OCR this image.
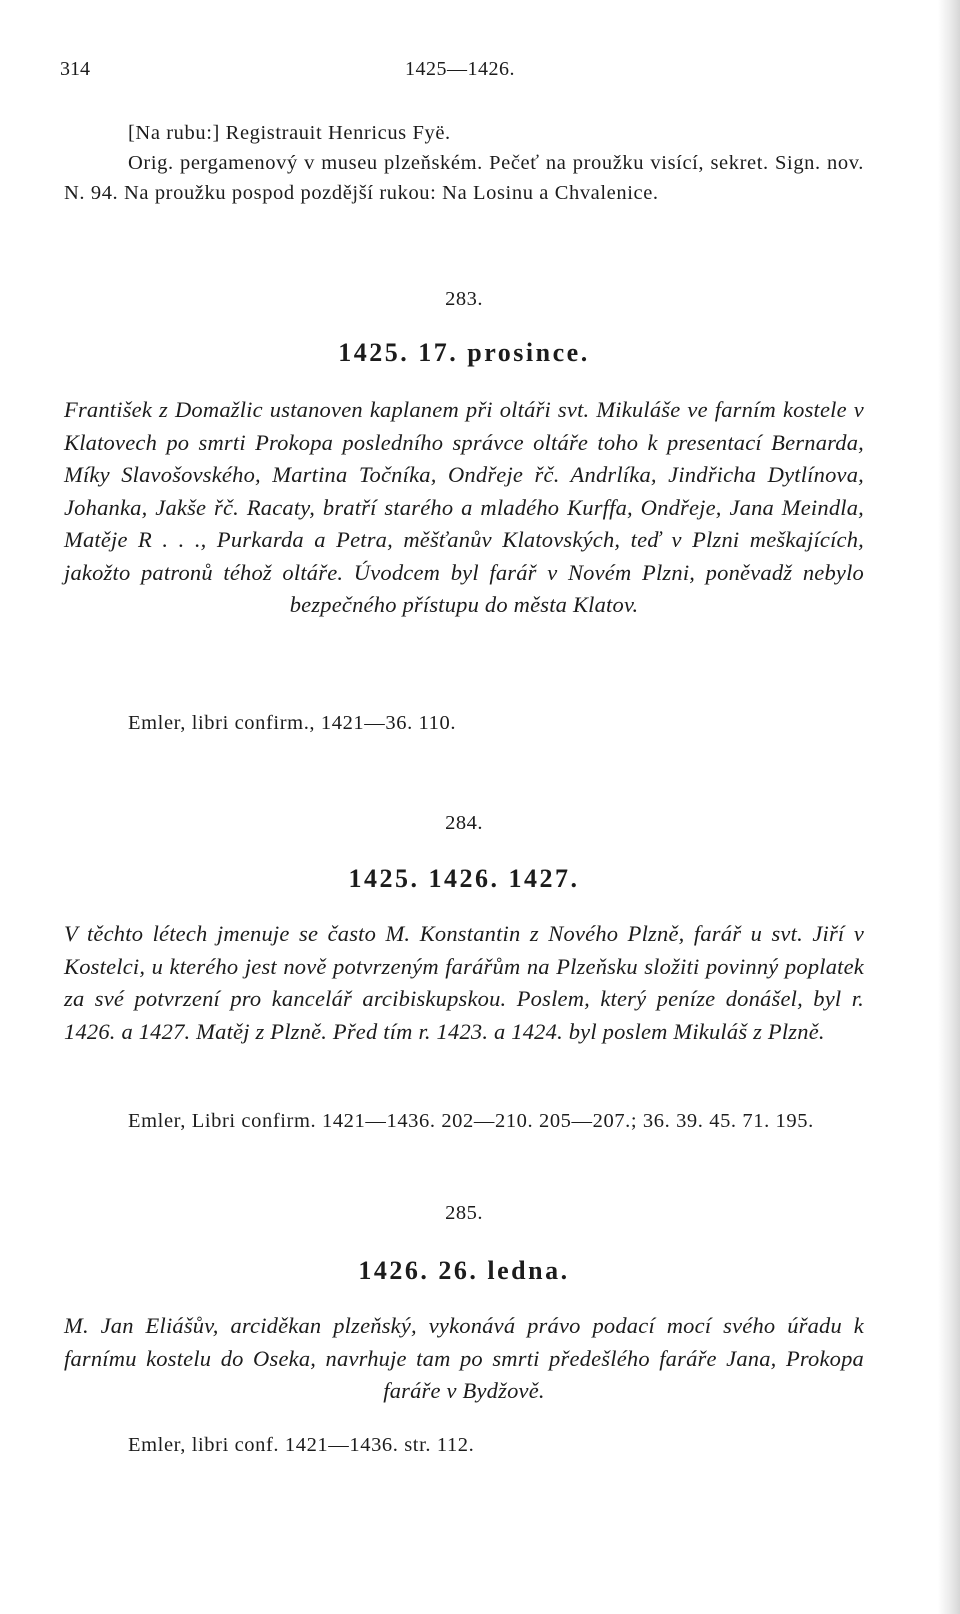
314	1425—1426.

[Na rubu:] Registrauit Henricus Fyë.

Orig. pergamenový v museu plzeňském. Pečeť na proužku visící, sekret. Sign. nov. N. 94. Na proužku pospod pozdější rukou: Na Losinu a Chvalenice.

283.
1425. 17. prosince.

František z Domažlic ustanoven kaplanem při oltáři svt. Mikuláše ve farním kostele v Klatovech po smrti Prokopa posledního správce oltáře toho k presentací Bernarda, Míky Slavošovského, Martina Točníka, Ondřeje řč. Andrlíka, Jindřicha Dytlínova, Johanka, Jakše řč. Racaty, bratří starého a mladého Kurffa, Ondřeje, Jana Meindla, Matěje R . . ., Purkarda a Petra, měšťanův Klatovských, teď v Plzni meškajících, jakožto patronů téhož oltáře. Úvodcem byl farář v Novém Plzni, poněvadž nebylo bezpečného přístupu do města Klatov.

Emler, libri confirm., 1421—36. 110.

284.
1425. 1426. 1427.

V těchto létech jmenuje se často M. Konstantin z Nového Plzně, farář u svt. Jiří v Kostelci, u kterého jest nově potvrzeným farářům na Plzeňsku složiti povinný poplatek za své potvrzení pro kancelář arcibiskupskou. Poslem, který peníze donášel, byl r. 1426. a 1427. Matěj z Plzně. Před tím r. 1423. a 1424. byl poslem Mikuláš z Plzně.

Emler, Libri confirm. 1421—1436. 202—210. 205—207.; 36. 39. 45. 71. 195.

285.
1426. 26. ledna.

M. Jan Eliášův, arciděkan plzeňský, vykonává právo podací mocí svého úřadu k farnímu kostelu do Oseka, navrhuje tam po smrti předešlého faráře Jana, Prokopa faráře v Bydžově.

Emler, libri conf. 1421—1436. str. 112.
